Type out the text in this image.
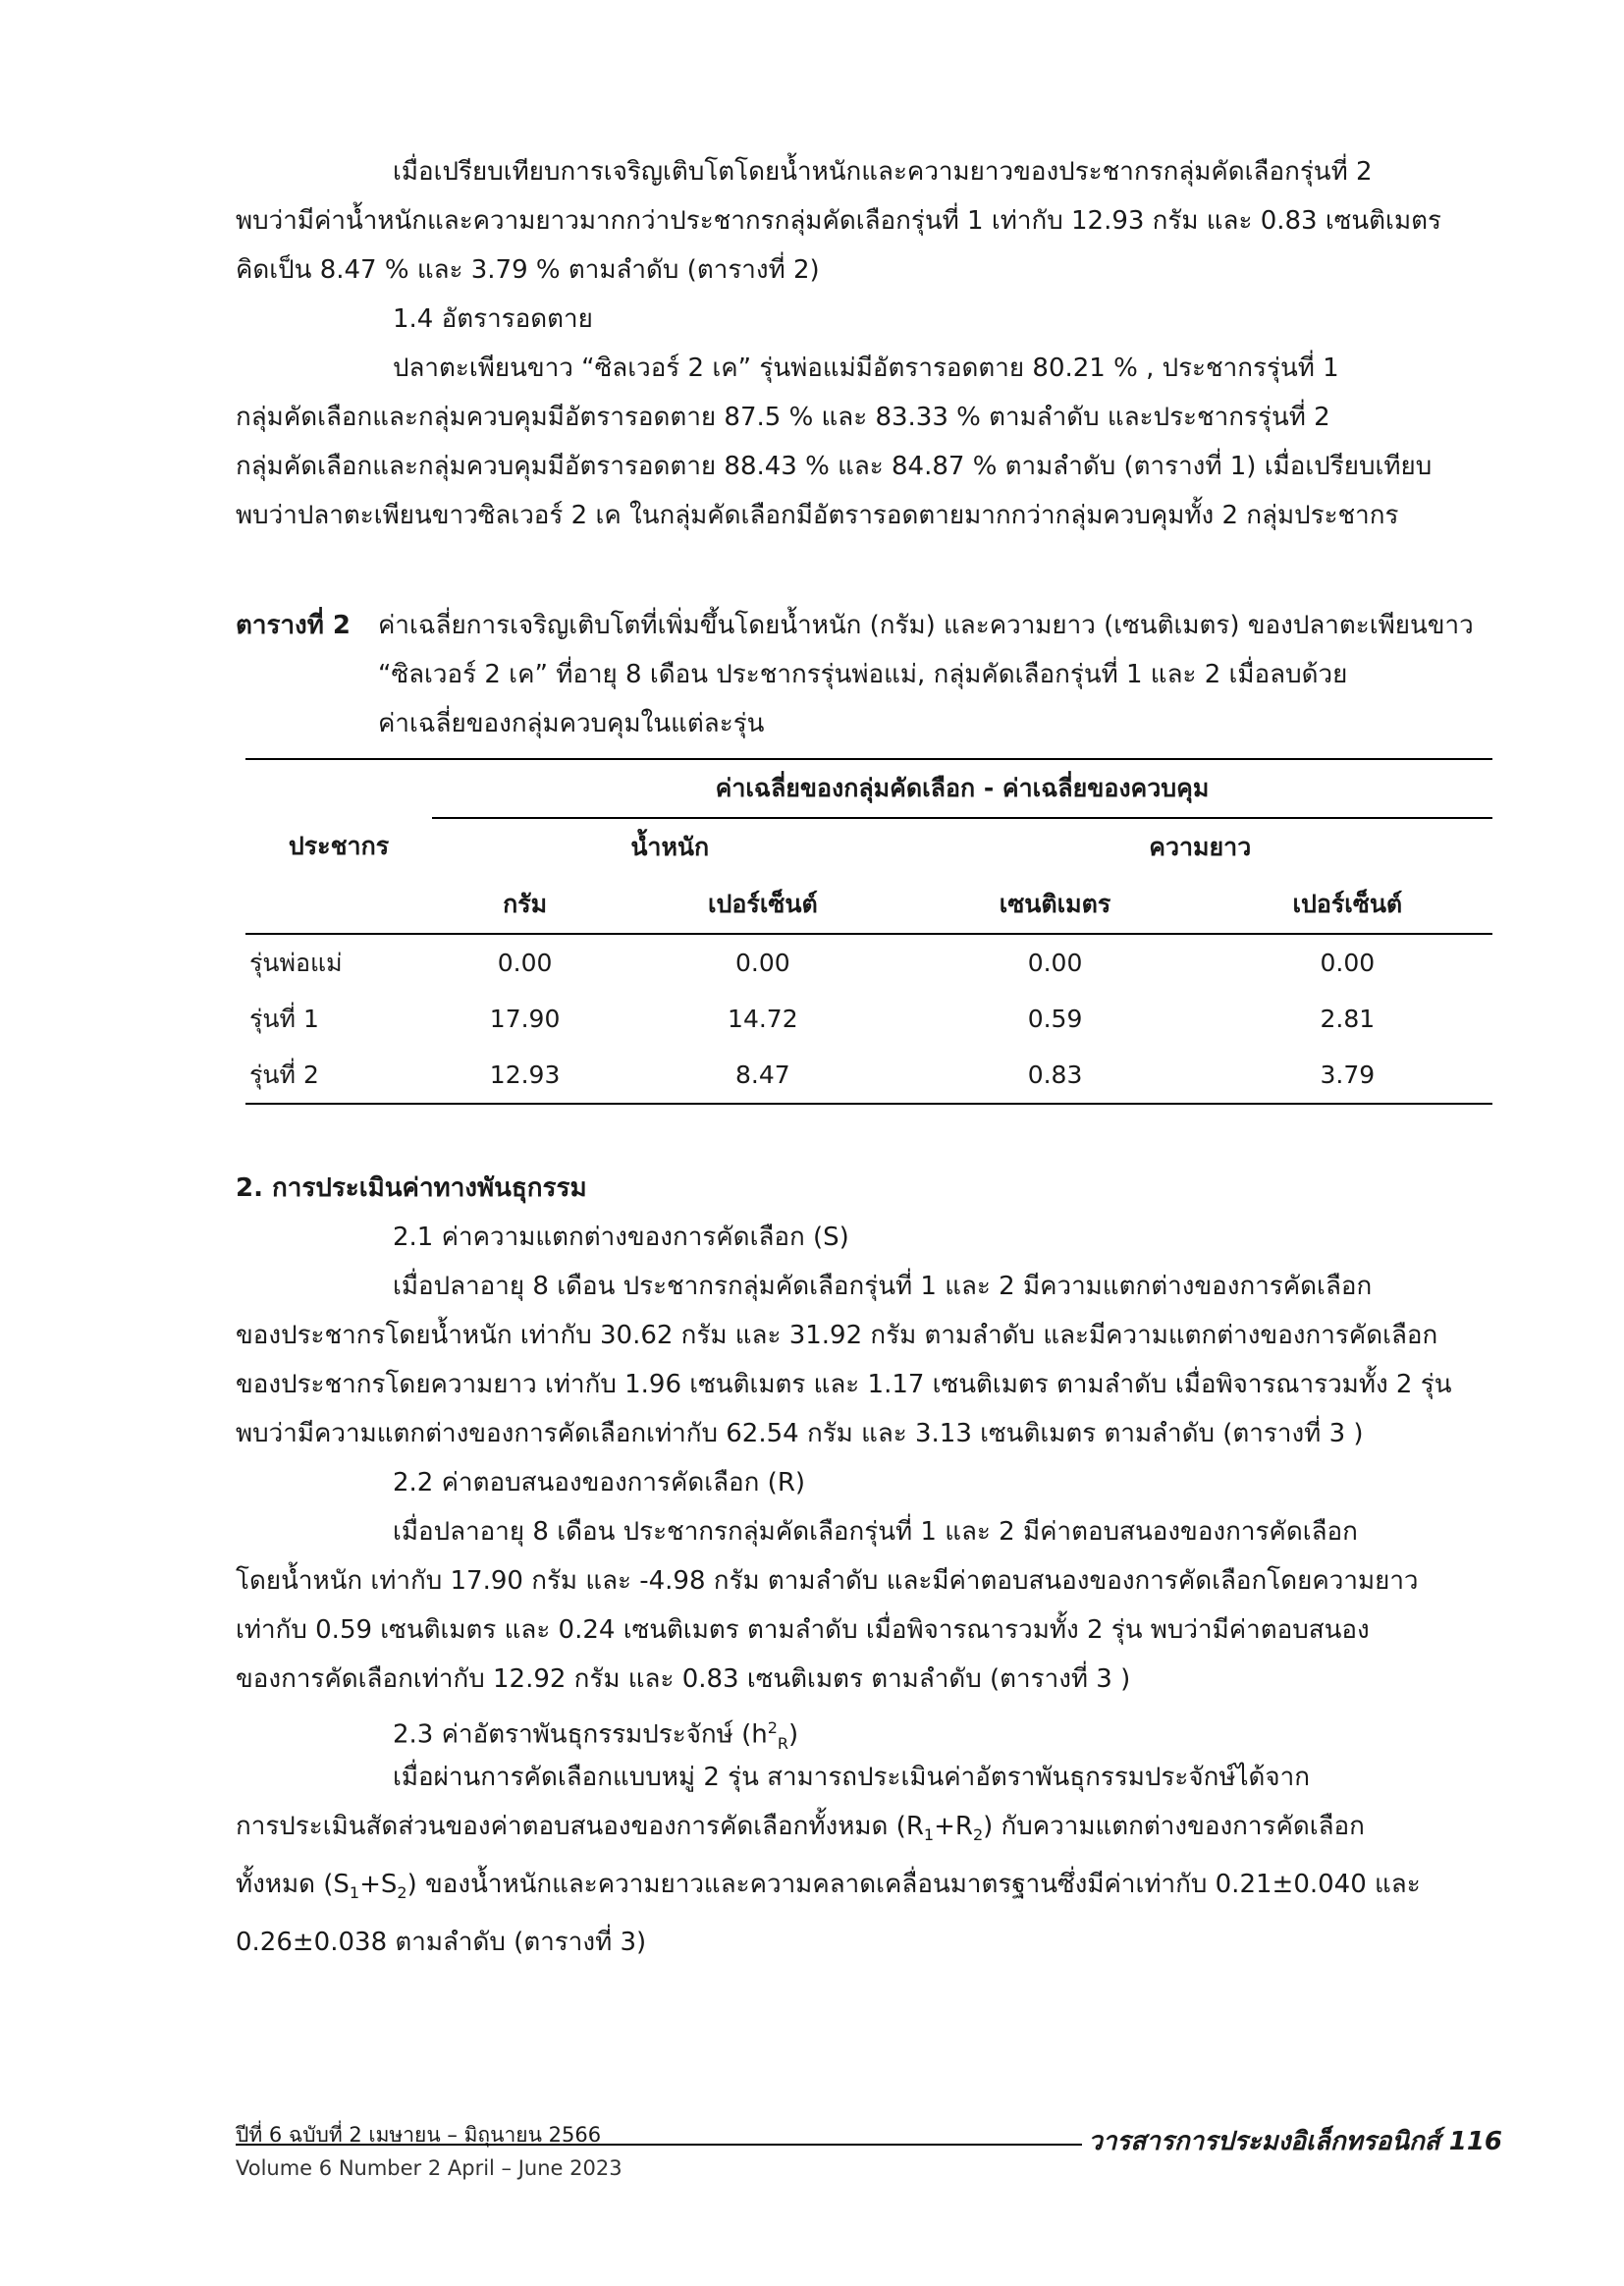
เมื่อเปรียบเทียบการเจริญเติบโตโดยน้ำหนักและความยาวของประชากรกลุ่มคัดเลือกรุ่นที่ 2
พบว่ามีค่าน้ำหนักและความยาวมากกว่าประชากรกลุ่มคัดเลือกรุ่นที่ 1 เท่ากับ 12.93 กรัม และ 0.83 เซนติเมตร
คิดเป็น 8.47 % และ 3.79 % ตามลำดับ (ตารางที่ 2)
1.4 อัตรารอดตาย
ปลาตะเพียนขาว “ซิลเวอร์ 2 เค” รุ่นพ่อแม่มีอัตรารอดตาย 80.21 % , ประชากรรุ่นที่ 1
กลุ่มคัดเลือกและกลุ่มควบคุมมีอัตรารอดตาย 87.5 % และ 83.33 % ตามลำดับ และประชากรรุ่นที่ 2
กลุ่มคัดเลือกและกลุ่มควบคุมมีอัตรารอดตาย 88.43 % และ 84.87 % ตามลำดับ (ตารางที่ 1) เมื่อเปรียบเทียบ
พบว่าปลาตะเพียนขาวซิลเวอร์ 2 เค ในกลุ่มคัดเลือกมีอัตรารอดตายมากกว่ากลุ่มควบคุมทั้ง 2 กลุ่มประชากร
ตารางที่ 2 ค่าเฉลี่ยการเจริญเติบโตที่เพิ่มขึ้นโดยน้ำหนัก (กรัม) และความยาว (เซนติเมตร) ของปลาตะเพียนขาว
“ซิลเวอร์ 2 เค” ที่อายุ 8 เดือน ประชากรรุ่นพ่อแม่, กลุ่มคัดเลือกรุ่นที่ 1 และ 2 เมื่อลบด้วย
ค่าเฉลี่ยของกลุ่มควบคุมในแต่ละรุ่น
ประชากร	ค่าเฉลี่ยของกลุ่มคัดเลือก - ค่าเฉลี่ยของควบคุม			
	น้ำหนัก		ความยาว	
	กรัม	เปอร์เซ็นต์	เซนติเมตร	เปอร์เซ็นต์
รุ่นพ่อแม่	0.00	0.00	0.00	0.00
รุ่นที่ 1	17.90	14.72	0.59	2.81
รุ่นที่ 2	12.93	8.47	0.83	3.79
2. การประเมินค่าทางพันธุกรรม
2.1 ค่าความแตกต่างของการคัดเลือก (S)
เมื่อปลาอายุ 8 เดือน ประชากรกลุ่มคัดเลือกรุ่นที่ 1 และ 2 มีความแตกต่างของการคัดเลือก
ของประชากรโดยน้ำหนัก เท่ากับ 30.62 กรัม และ 31.92 กรัม ตามลำดับ และมีความแตกต่างของการคัดเลือก
ของประชากรโดยความยาว เท่ากับ 1.96 เซนติเมตร และ 1.17 เซนติเมตร ตามลำดับ เมื่อพิจารณารวมทั้ง 2 รุ่น
พบว่ามีความแตกต่างของการคัดเลือกเท่ากับ 62.54 กรัม และ 3.13 เซนติเมตร ตามลำดับ (ตารางที่ 3 )
2.2 ค่าตอบสนองของการคัดเลือก (R)
เมื่อปลาอายุ 8 เดือน ประชากรกลุ่มคัดเลือกรุ่นที่ 1 และ 2 มีค่าตอบสนองของการคัดเลือก
โดยน้ำหนัก เท่ากับ 17.90 กรัม และ -4.98 กรัม ตามลำดับ และมีค่าตอบสนองของการคัดเลือกโดยความยาว
เท่ากับ 0.59 เซนติเมตร และ 0.24 เซนติเมตร ตามลำดับ เมื่อพิจารณารวมทั้ง 2 รุ่น พบว่ามีค่าตอบสนอง
ของการคัดเลือกเท่ากับ 12.92 กรัม และ 0.83 เซนติเมตร ตามลำดับ (ตารางที่ 3 )
2.3 ค่าอัตราพันธุกรรมประจักษ์ $(h^2_R)$
เมื่อผ่านการคัดเลือกแบบหมู่ 2 รุ่น สามารถประเมินค่าอัตราพันธุกรรมประจักษ์ได้จาก
การประเมินสัดส่วนของค่าตอบสนองของการคัดเลือกทั้งหมด $(R_1+R_2)$ กับความแตกต่างของการคัดเลือก
ทั้งหมด $(S_1+S_2)$ ของน้ำหนักและความยาวและความคลาดเคลื่อนมาตรฐานซึ่งมีค่าเท่ากับ 0.21±0.040 และ
0.26±0.038 ตามลำดับ (ตารางที่ 3)
ปีที่ 6 ฉบับที่ 2 เมษายน – มิถุนายน 2566	วารสารการประมงอิเล็กทรอนิกส์ 116
Volume 6 Number 2 April – June 2023
